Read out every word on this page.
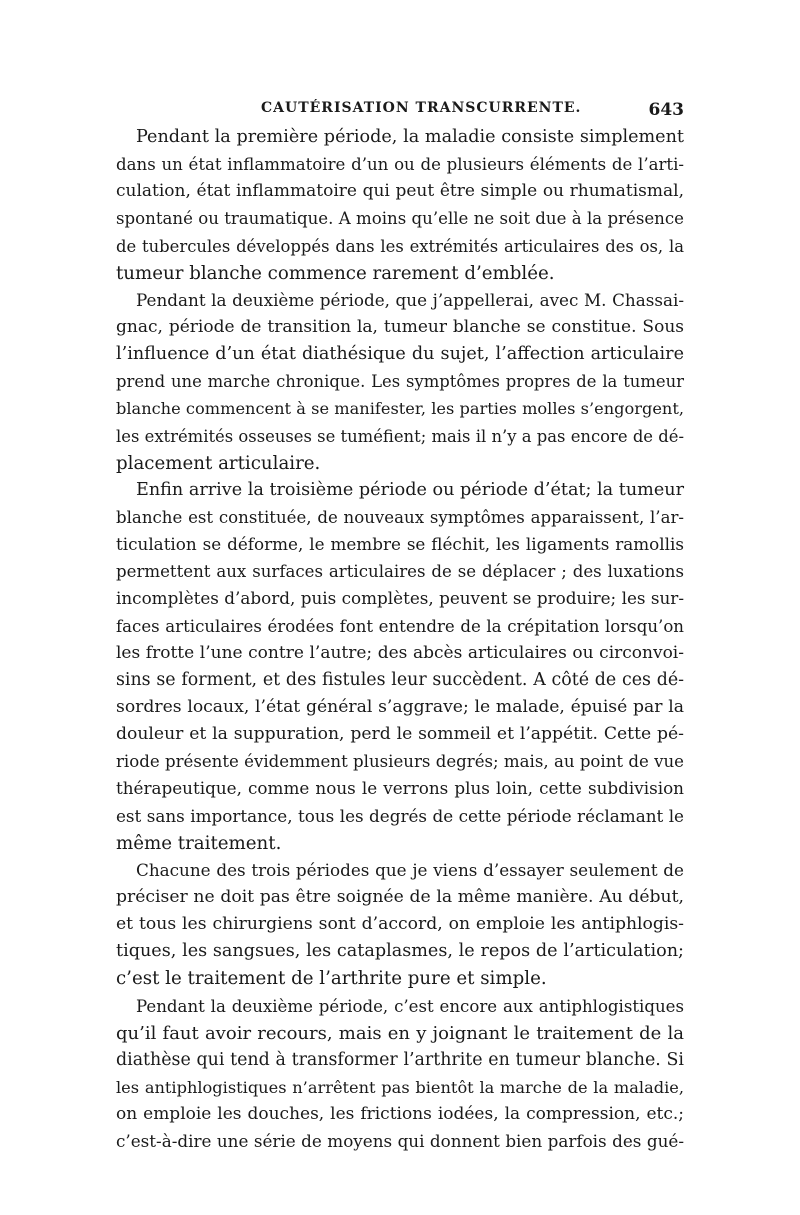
CAUTÉRISATION TRANSCURRENTE.	643
Pendant la première période, la maladie consiste simplement
dans un état inflammatoire d’un ou de plusieurs éléments de l’arti-
culation, état inflammatoire qui peut être simple ou rhumatismal,
spontané ou traumatique. A moins qu’elle ne soit due à la présence
de tubercules développés dans les extrémités articulaires des os, la
tumeur blanche commence rarement d’emblée.
Pendant la deuxième période, que j’appellerai, avec M. Chassai-
gnac, période de transition la, tumeur blanche se constitue. Sous
l’influence d’un état diathésique du sujet, l’affection articulaire
prend une marche chronique. Les symptômes propres de la tumeur
blanche commencent à se manifester, les parties molles s’engorgent,
les extrémités osseuses se tuméfient; mais il n’y a pas encore de dé-
placement articulaire.
Enfin arrive la troisième période ou période d’état; la tumeur
blanche est constituée, de nouveaux symptômes apparaissent, l’ar-
ticulation se déforme, le membre se fléchit, les ligaments ramollis
permettent aux surfaces articulaires de se déplacer ; des luxations
incomplètes d’abord, puis complètes, peuvent se produire; les sur-
faces articulaires érodées font entendre de la crépitation lorsqu’on
les frotte l’une contre l’autre; des abcès articulaires ou circonvoi-
sins se forment, et des fistules leur succèdent. A côté de ces dé-
sordres locaux, l’état général s’aggrave; le malade, épuisé par la
douleur et la suppuration, perd le sommeil et l’appétit. Cette pé-
riode présente évidemment plusieurs degrés; mais, au point de vue
thérapeutique, comme nous le verrons plus loin, cette subdivision
est sans importance, tous les degrés de cette période réclamant le
même traitement.
Chacune des trois périodes que je viens d’essayer seulement de
préciser ne doit pas être soignée de la même manière. Au début,
et tous les chirurgiens sont d’accord, on emploie les antiphlogis-
tiques, les sangsues, les cataplasmes, le repos de l’articulation;
c’est le traitement de l’arthrite pure et simple.
Pendant la deuxième période, c’est encore aux antiphlogistiques
qu’il faut avoir recours, mais en y joignant le traitement de la
diathèse qui tend à transformer l’arthrite en tumeur blanche. Si
les antiphlogistiques n’arrêtent pas bientôt la marche de la maladie,
on emploie les douches, les frictions iodées, la compression, etc.;
c’est-à-dire une série de moyens qui donnent bien parfois des gué-
